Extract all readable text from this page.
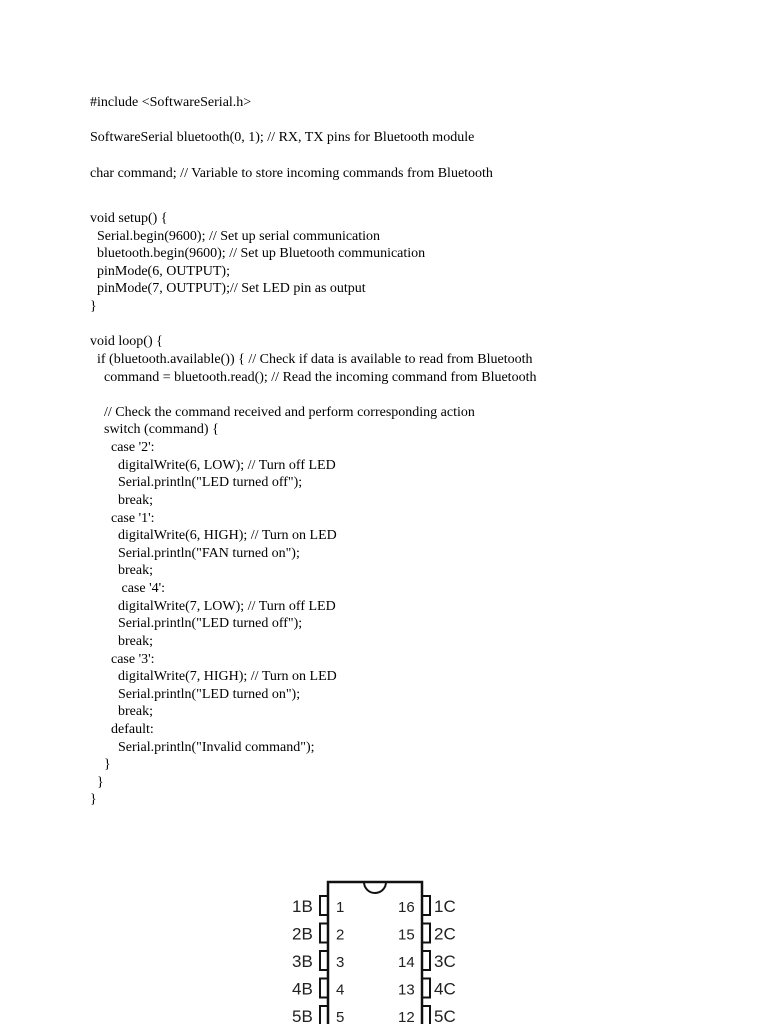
#include <SoftwareSerial.h>
SoftwareSerial bluetooth(0, 1); // RX, TX pins for Bluetooth module
char command; // Variable to store incoming commands from Bluetooth
void setup() {
Serial.begin(9600); // Set up serial communication
bluetooth.begin(9600); // Set up Bluetooth communication
pinMode(6, OUTPUT);
pinMode(7, OUTPUT);// Set LED pin as output
}
void loop() {
if (bluetooth.available()) { // Check if data is available to read from Bluetooth
command = bluetooth.read(); // Read the incoming command from Bluetooth
// Check the command received and perform corresponding action
switch (command) {
case '2':
digitalWrite(6, LOW); // Turn off LED
Serial.println("LED turned off");
break;
case '1':
digitalWrite(6, HIGH); // Turn on LED
Serial.println("FAN turned on");
break;
case '4':
digitalWrite(7, LOW); // Turn off LED
Serial.println("LED turned off");
break;
case '3':
digitalWrite(7, HIGH); // Turn on LED
Serial.println("LED turned on");
break;
default:
Serial.println("Invalid command");
}
}
}
1B 1
2B 2
3B 3
4B 4
5B 5
1C
16
2C
15
3C
14
4C
13
5C
12
